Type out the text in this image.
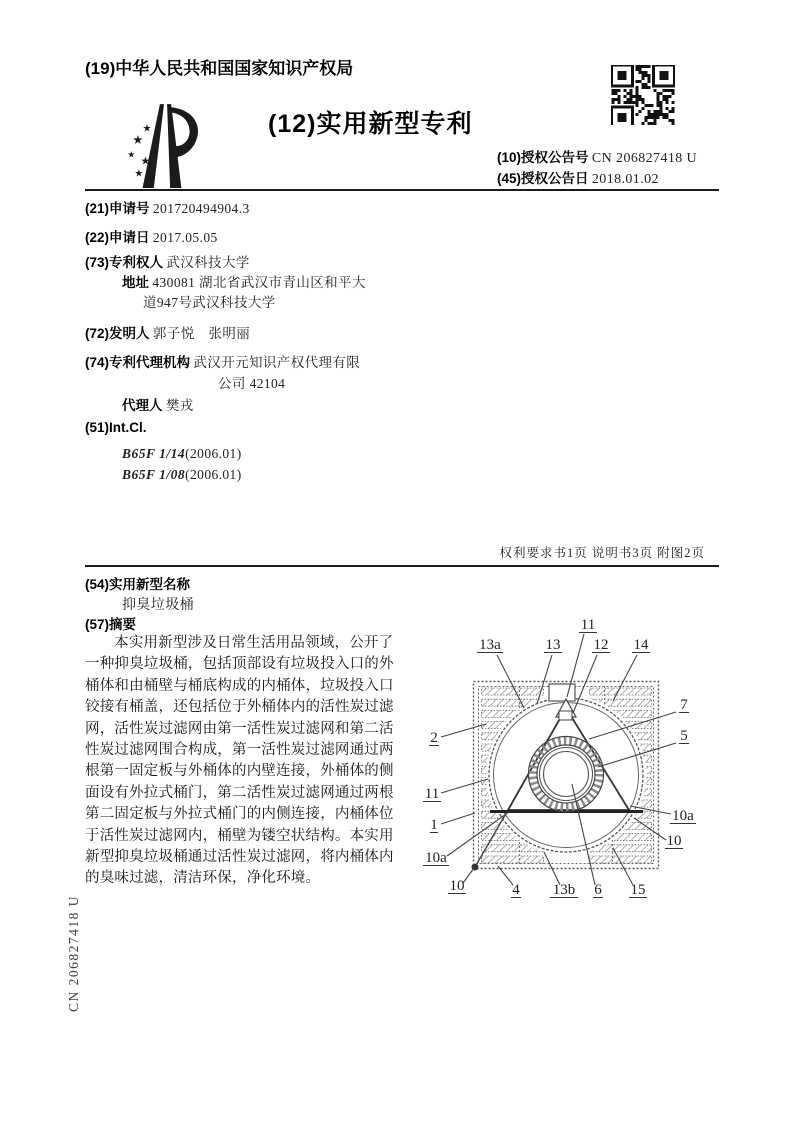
(19)中华人民共和国国家知识产权局
★
★
★
★
★
(12)实用新型专利
(10)授权公告号 CN 206827418 U
(45)授权公告日 2018.01.02
(21)申请号 201720494904.3
(22)申请日 2017.05.05
(73)专利权人 武汉科技大学
地址 430081 湖北省武汉市青山区和平大
道947号武汉科技大学
(72)发明人 郭子悦　张明丽
(74)专利代理机构 武汉开元知识产权代理有限
公司 42104
代理人 樊戎
(51)Int.Cl.
B65F 1/14(2006.01)
B65F 1/08(2006.01)
权利要求书1页 说明书3页 附图2页
(54)实用新型名称
抑臭垃圾桶
(57)摘要
本实用新型涉及日常生活用品领域，公开了
一种抑臭垃圾桶，包括顶部设有垃圾投入口的外
桶体和由桶壁与桶底构成的内桶体，垃圾投入口
铰接有桶盖，还包括位于外桶体内的活性炭过滤
网，活性炭过滤网由第一活性炭过滤网和第二活
性炭过滤网围合构成，第一活性炭过滤网通过两
根第一固定板与外桶体的内壁连接，外桶体的侧
面设有外拉式桶门，第二活性炭过滤网通过两根
第二固定板与外拉式桶门的内侧连接，内桶体位
于活性炭过滤网内，桶壁为镂空状结构。本实用
新型抑臭垃圾桶通过活性炭过滤网，将内桶体内
的臭味过滤，清洁环保，净化环境。
11
13a	13 12 14
7
5
2
11
1
10a
10
10a
10
4 13b 6 15
CN 206827418 U
